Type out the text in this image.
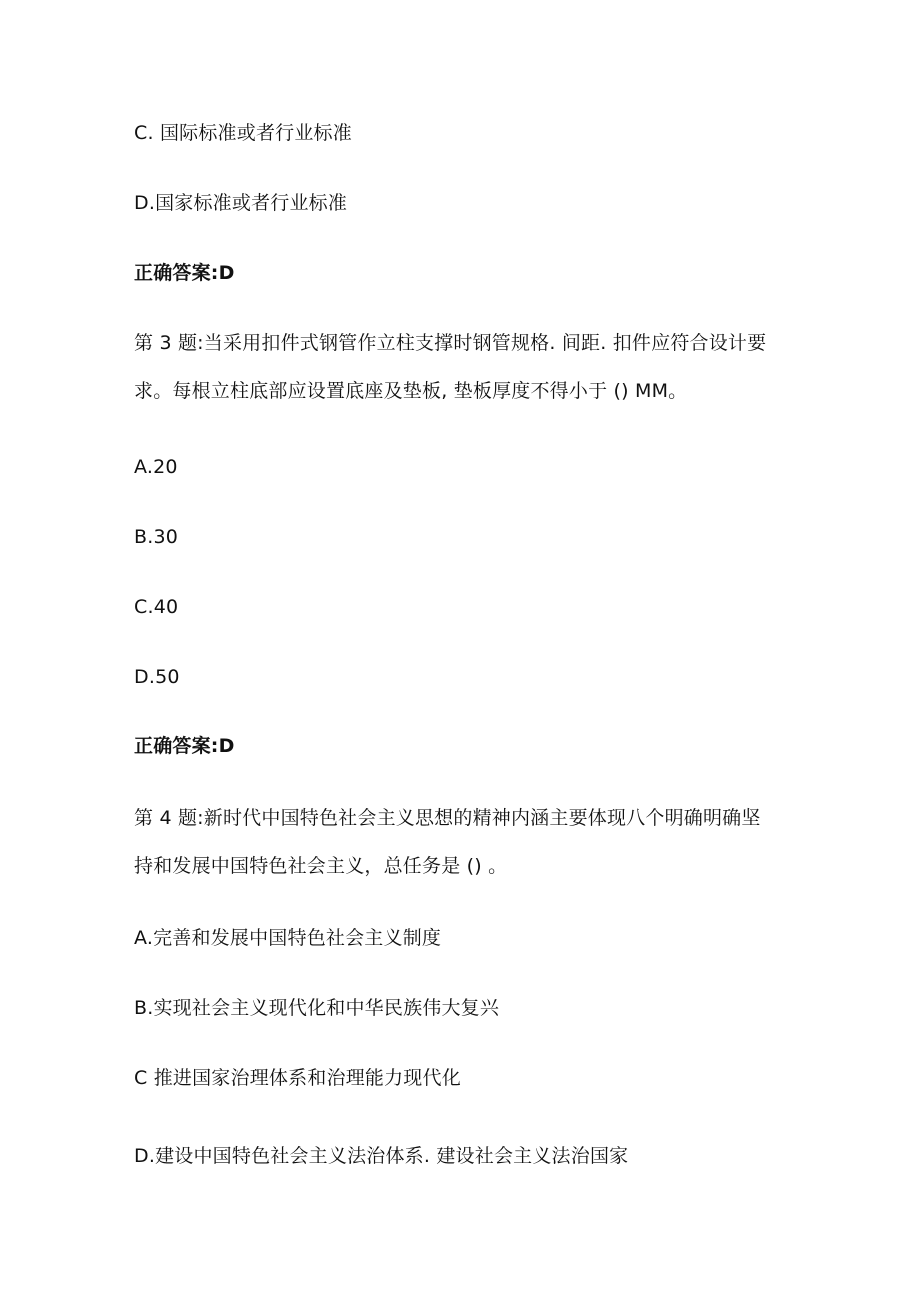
C. 国际标准或者行业标准
D.国家标准或者行业标准
正确答案:D
第 3 题:当采用扣件式钢管作立柱支撑时钢管规格. 间距. 扣件应符合设计要
求。每根立柱底部应设置底座及垫板, 垫板厚度不得小于 () MM。
A.20
B.30
C.40
D.50
正确答案:D
第 4 题:新时代中国特色社会主义思想的精神内涵主要体现八个明确明确坚
持和发展中国特色社会主义，总任务是 () 。
A.完善和发展中国特色社会主义制度
B.实现社会主义现代化和中华民族伟大复兴
C 推进国家治理体系和治理能力现代化
D.建设中国特色社会主义法治体系. 建设社会主义法治国家
